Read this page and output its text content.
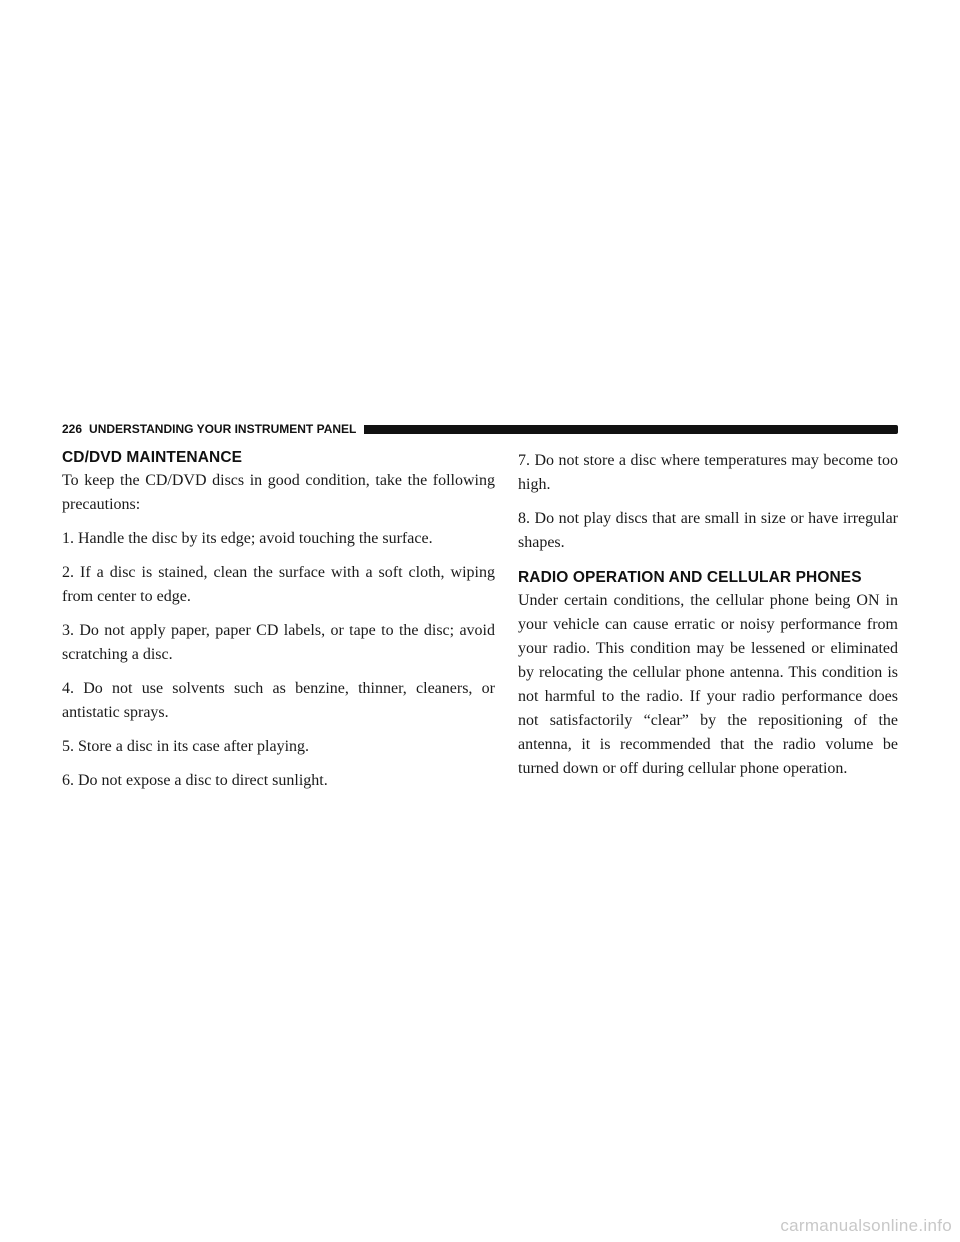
226 UNDERSTANDING YOUR INSTRUMENT PANEL
CD/DVD MAINTENANCE

To keep the CD/DVD discs in good condition, take the following precautions:

1. Handle the disc by its edge; avoid touching the surface.

2. If a disc is stained, clean the surface with a soft cloth, wiping from center to edge.

3. Do not apply paper, paper CD labels, or tape to the disc; avoid scratching a disc.

4. Do not use solvents such as benzine, thinner, cleaners, or antistatic sprays.

5. Store a disc in its case after playing.

6. Do not expose a disc to direct sunlight.

7. Do not store a disc where temperatures may become too high.

8. Do not play discs that are small in size or have irregular shapes.

RADIO OPERATION AND CELLULAR PHONES

Under certain conditions, the cellular phone being ON in your vehicle can cause erratic or noisy performance from your radio. This condition may be lessened or eliminated by relocating the cellular phone antenna. This condition is not harmful to the radio. If your radio performance does not satisfactorily “clear” by the repositioning of the antenna, it is recommended that the radio volume be turned down or off during cellular phone operation.

carmanualsonline.info
